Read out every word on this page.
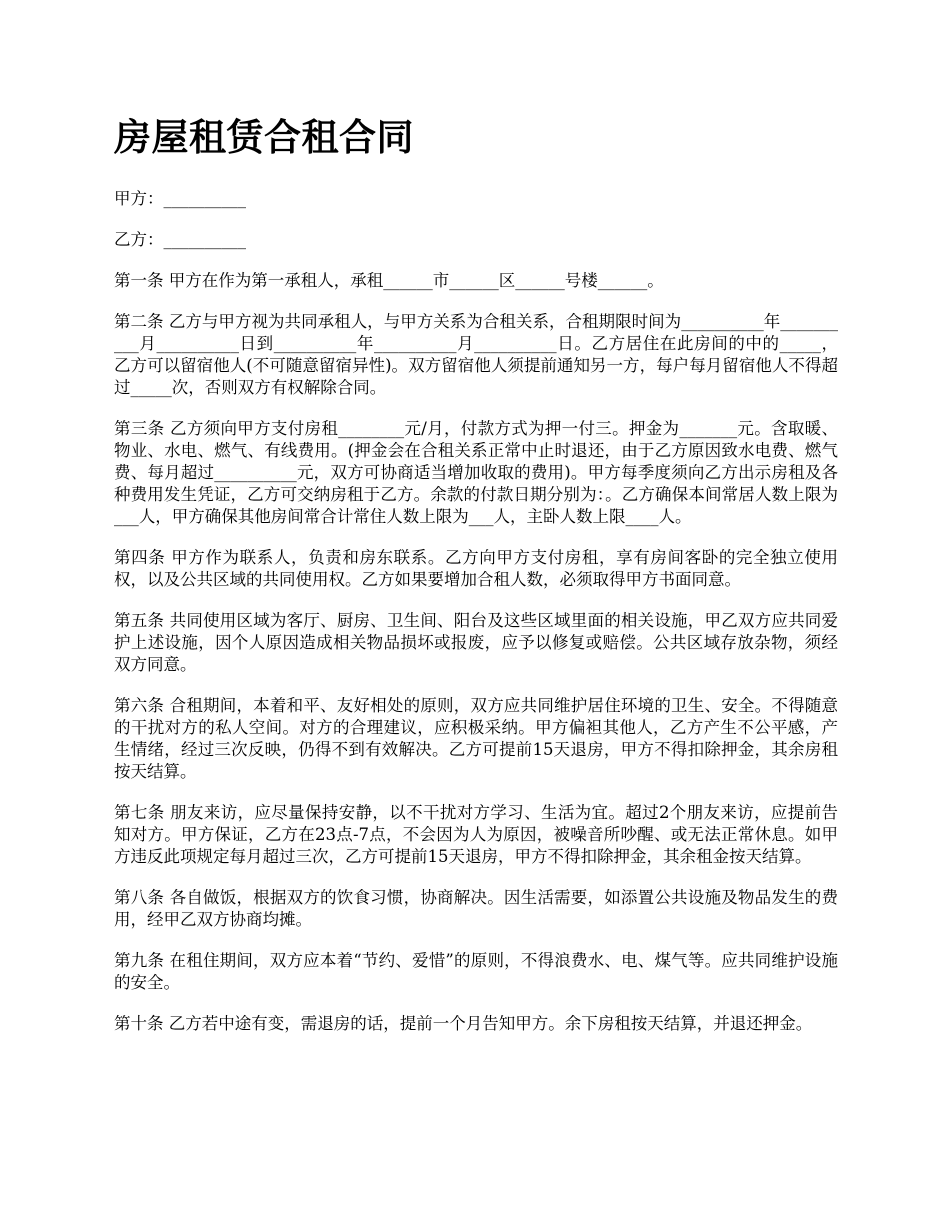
房屋租赁合租合同

甲方：__________

乙方：__________

第一条 甲方在作为第一承租人，承租______市______区______号楼______。

第二条 乙方与甲方视为共同承租人，与甲方关系为合租关系，合租期限时间为__________年__________月__________日到__________年__________月__________日。乙方居住在此房间的中的_____，乙方可以留宿他人(不可随意留宿异性)。双方留宿他人须提前通知另一方，每户每月留宿他人不得超过_____次，否则双方有权解除合同。

第三条 乙方须向甲方支付房租________元/月，付款方式为押一付三。押金为_______元。含取暖、物业、水电、燃气、有线费用。(押金会在合租关系正常中止时退还，由于乙方原因致水电费、燃气费、每月超过__________元，双方可协商适当增加收取的费用)。甲方每季度须向乙方出示房租及各种费用发生凭证，乙方可交纳房租于乙方。余款的付款日期分别为：。乙方确保本间常居人数上限为___人，甲方确保其他房间常合计常住人数上限为___人，主卧人数上限____人。

第四条 甲方作为联系人，负责和房东联系。乙方向甲方支付房租，享有房间客卧的完全独立使用权，以及公共区域的共同使用权。乙方如果要增加合租人数，必须取得甲方书面同意。

第五条 共同使用区域为客厅、厨房、卫生间、阳台及这些区域里面的相关设施，甲乙双方应共同爱护上述设施，因个人原因造成相关物品损坏或报废，应予以修复或赔偿。公共区域存放杂物，须经双方同意。

第六条 合租期间，本着和平、友好相处的原则，双方应共同维护居住环境的卫生、安全。不得随意的干扰对方的私人空间。对方的合理建议，应积极采纳。甲方偏袒其他人，乙方产生不公平感，产生情绪，经过三次反映，仍得不到有效解决。乙方可提前15天退房，甲方不得扣除押金，其余房租按天结算。

第七条 朋友来访，应尽量保持安静，以不干扰对方学习、生活为宜。超过2个朋友来访，应提前告知对方。甲方保证，乙方在23点-7点，不会因为人为原因，被噪音所吵醒、或无法正常休息。如甲方违反此项规定每月超过三次，乙方可提前15天退房，甲方不得扣除押金，其余租金按天结算。

第八条 各自做饭，根据双方的饮食习惯，协商解决。因生活需要，如添置公共设施及物品发生的费用，经甲乙双方协商均摊。

第九条 在租住期间，双方应本着“节约、爱惜”的原则，不得浪费水、电、煤气等。应共同维护设施的安全。

第十条 乙方若中途有变，需退房的话，提前一个月告知甲方。余下房租按天结算，并退还押金。
